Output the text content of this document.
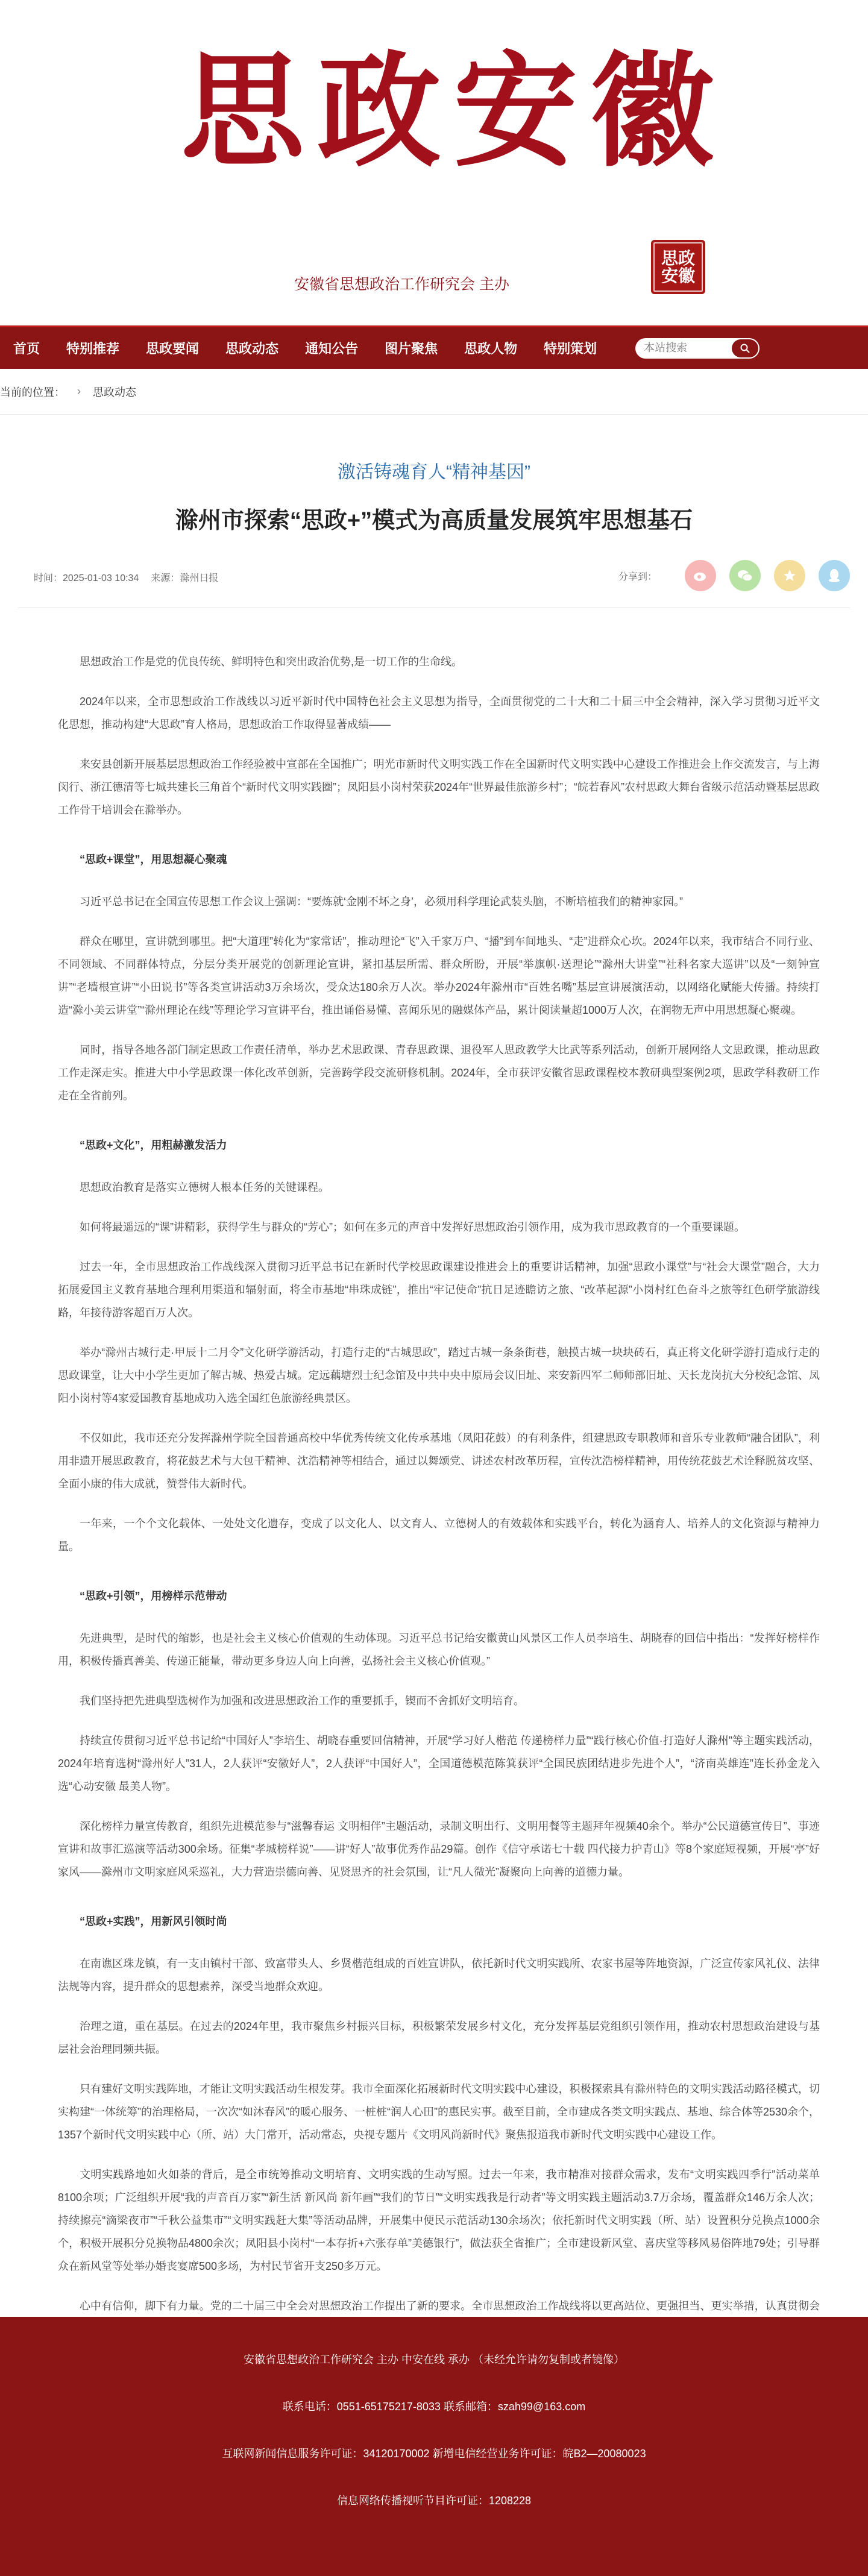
思 政 安 徽
安徽省思想政治工作研究会 主办
思政
安徽
首页 特别推荐 思政要闻 思政动态 通知公告 图片聚焦 思政人物 特别策划
本站搜索
当前的位置： › 思政动态
激活铸魂育人“精神基因”
滁州市探索“思政+”模式为高质量发展筑牢思想基石
时间：2025-01-03 10:34 来源：滁州日报	分享到：

思想政治工作是党的优良传统、鲜明特色和突出政治优势,是一切工作的生命线。

2024年以来，全市思想政治工作战线以习近平新时代中国特色社会主义思想为指导，全面贯彻党的二十大和二十届三中全会精神，深入学习贯彻习近平文化思想，推动构建“大思政”育人格局，思想政治工作取得显著成绩——

来安县创新开展基层思想政治工作经验被中宣部在全国推广；明光市新时代文明实践工作在全国新时代文明实践中心建设工作推进会上作交流发言，与上海闵行、浙江德清等七城共建长三角首个“新时代文明实践圈”；凤阳县小岗村荣获2024年“世界最佳旅游乡村”；“皖若春风”农村思政大舞台省级示范活动暨基层思政工作骨干培训会在滁举办。

“思政+课堂”，用思想凝心聚魂

习近平总书记在全国宣传思想工作会议上强调：“要炼就‘金刚不坏之身’，必须用科学理论武装头脑，不断培植我们的精神家园。”

群众在哪里，宣讲就到哪里。把“大道理”转化为“家常话”，推动理论“飞”入千家万户、“播”到车间地头、“走”进群众心坎。2024年以来，我市结合不同行业、不同领域、不同群体特点，分层分类开展党的创新理论宣讲，紧扣基层所需、群众所盼，开展“举旗帜·送理论”“滁州大讲堂”“社科名家大巡讲”以及“一刻钟宣讲”“老墙根宣讲”“小田说书”等各类宣讲活动3万余场次，受众达180余万人次。举办2024年滁州市“百姓名嘴”基层宣讲展演活动，以网络化赋能大传播。持续打造“滁小美云讲堂”“滁州理论在线”等理论学习宣讲平台，推出诵俗易懂、喜闻乐见的融媒体产品，累计阅读量超1000万人次，在润物无声中用思想凝心聚魂。

同时，指导各地各部门制定思政工作责任清单，举办艺术思政课、青春思政课、退役军人思政教学大比武等系列活动，创新开展网络人文思政课，推动思政工作走深走实。推进大中小学思政课一体化改革创新，完善跨学段交流研修机制。2024年，全市获评安徽省思政课程校本教研典型案例2项，思政学科教研工作走在全省前列。

“思政+文化”，用粗赫激发活力

思想政治教育是落实立德树人根本任务的关键课程。

如何将最遥远的“课”讲精彩，获得学生与群众的“芳心”；如何在多元的声音中发挥好思想政治引领作用，成为我市思政教育的一个重要课题。

过去一年，全市思想政治工作战线深入贯彻习近平总书记在新时代学校思政课建设推进会上的重要讲话精神，加强“思政小课堂”与“社会大课堂”融合，大力拓展爱国主义教育基地合理利用渠道和辐射面，将全市基地“串珠成链”，推出“牢记使命”抗日足迹瞻访之旅、“改革起源”小岗村红色奋斗之旅等红色研学旅游线路，年接待游客超百万人次。

举办“滁州古城行走·甲辰十二月令”文化研学游活动，打造行走的“古城思政”，踏过古城一条条街巷，触摸古城一块块砖石，真正将文化研学游打造成行走的思政课堂，让大中小学生更加了解古城、热爱古城。定远藕塘烈士纪念馆及中共中央中原局会议旧址、来安新四军二师师部旧址、天长龙岗抗大分校纪念馆、凤阳小岗村等4家爱国教育基地成功入选全国红色旅游经典景区。

不仅如此，我市还充分发挥滁州学院全国普通高校中华优秀传统文化传承基地（凤阳花鼓）的有利条件，组建思政专职教师和音乐专业教师“融合团队”，利用非遗开展思政教育，将花鼓艺术与大包干精神、沈浩精神等相结合，通过以舞颂党、讲述农村改革历程，宣传沈浩榜样精神，用传统花鼓艺术诠释脱贫攻坚、全面小康的伟大成就，赞誉伟大新时代。

一年来，一个个文化载体、一处处文化遗存，变成了以文化人、以文育人、立德树人的有效载体和实践平台，转化为涵育人、培养人的文化资源与精神力量。

“思政+引领”，用榜样示范带动

先进典型，是时代的缩影，也是社会主义核心价值观的生动体现。习近平总书记给安徽黄山风景区工作人员李培生、胡晓春的回信中指出：“发挥好榜样作用，积极传播真善美、传递正能量，带动更多身边人向上向善，弘扬社会主义核心价值观。”

我们坚持把先进典型选树作为加强和改进思想政治工作的重要抓手，锲而不舍抓好文明培育。

持续宣传贯彻习近平总书记给“中国好人”李培生、胡晓春重要回信精神，开展“学习好人楷范 传递榜样力量”“践行核心价值·打造好人滁州”等主题实践活动，2024年培育选树“滁州好人”31人，2人获评“安徽好人”，2人获评“中国好人”，全国道德模范陈箕获评“全国民族团结进步先进个人”，“济南英雄连”连长孙金龙入选“心动安徽 最美人物”。

深化榜样力量宣传教育，组织先进模范参与“滋馨春运 文明相伴”主题活动，录制文明出行、文明用餐等主题拜年视频40余个。举办“公民道德宣传日”、事迹宣讲和故事汇巡演等活动300余场。征集“孝城榜样说”——讲“好人”故事优秀作品29篇。创作《信守承诺七十载 四代接力护青山》等8个家庭短视频，开展“亭”好家风——滁州市文明家庭风采巡礼，大力营造崇德向善、见贤思齐的社会氛围，让“凡人微光”凝聚向上向善的道德力量。

“思政+实践”，用新风引领时尚

在南谯区珠龙镇，有一支由镇村干部、致富带头人、乡贤楷范组成的百姓宣讲队，依托新时代文明实践所、农家书屋等阵地资源，广泛宣传家风礼仪、法律法规等内容，提升群众的思想素养，深受当地群众欢迎。

治理之道，重在基层。在过去的2024年里，我市聚焦乡村振兴目标，积极繁荣发展乡村文化，充分发挥基层党组织引领作用，推动农村思想政治建设与基层社会治理同频共振。

只有建好文明实践阵地，才能让文明实践活动生根发芽。我市全面深化拓展新时代文明实践中心建设，积极探索具有滁州特色的文明实践活动路径模式，切实构建“一体统筹”的治理格局，一次次“如沐春风”的暖心服务、一桩桩“润人心田”的惠民实事。截至目前，全市建成各类文明实践点、基地、综合体等2530余个，1357个新时代文明实践中心（所、站）大门常开，活动常态，央视专题片《文明风尚新时代》聚焦报道我市新时代文明实践中心建设工作。

文明实践路地如火如荼的背后，是全市统筹推动文明培育、文明实践的生动写照。过去一年来，我市精准对接群众需求，发布“文明实践四季行”活动菜单8100余项；广泛组织开展“我的声音百万家”“新生活 新风尚 新年画”“我们的节日”“文明实践我是行动者”等文明实践主题活动3.7万余场，覆盖群众146万余人次；持续擦亮“滴梁夜市”“千秋公益集市”“文明实践赶大集”等活动品牌，开展集中便民示范活动130余场次；依托新时代文明实践（所、站）设置积分兑换点1000余个，积极开展积分兑换物品4800余次；凤阳县小岗村“一本存折+六张存单”美德银行”，做法获全省推广；全市建设新风堂、喜庆堂等移风易俗阵地79处；引导群众在新风堂等处举办婚丧宴席500多场，为村民节省开支250多万元。

心中有信仰，脚下有力量。党的二十届三中全会对思想政治工作提出了新的要求。全市思想政治工作战线将以更高站位、更强担当、更实举措，认真贯彻会

安徽省思想政治工作研究会 主办 中安在线 承办 （未经允许请勿复制或者镜像）
联系电话：0551-65175217-8033 联系邮箱：szah99@163.com
互联网新闻信息服务许可证：34120170002 新增电信经营业务许可证：皖B2—20080023
信息网络传播视听节目许可证：1208228
